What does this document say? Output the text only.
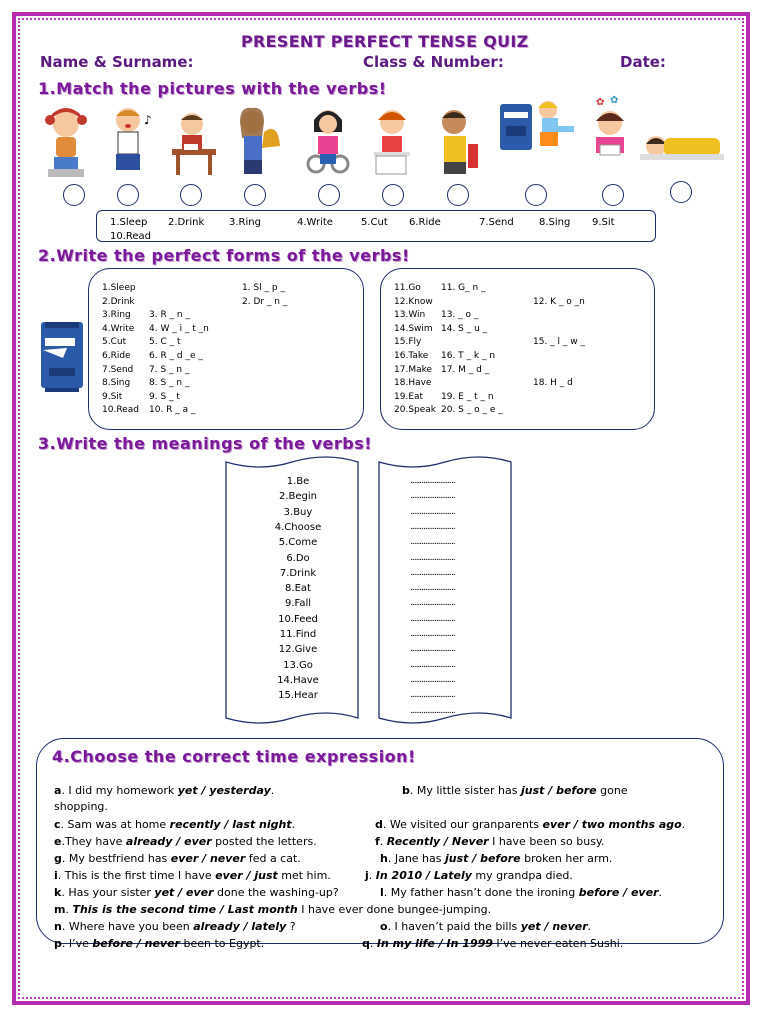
PRESENT PERFECT TENSE QUIZ
Name & Surname:	Class & Number:	Date:
1.Match the pictures with the verbs!
♪
✿ ✿
1.Sleep 2.Drink 3.Ring	4.Write	5.Cut 6.Ride	7.Send	8.Sing 9.Sit
10.Read
2.Write the perfect forms of the verbs!
3.Write the meanings of the verbs!
4.Choose the correct time expression!
1.Sleep	1. Sl _ p _
2.Drink	2. Dr _ n _
3.Ring 3. R _ n _
4.Write 4. W _ i _ t _n
5.Cut	5. C _ t
6.Ride 6. R _ d _e _
7.Send 7. S _ n _
8.Sing 8. S _ n _
9.Sit	9. S _ t
10.Read 10. R _ a _
11.Go 11. G_ n _
12.Know	12. K _ o _n
13.Win 13. _ o _
14.Swim 14. S _ u _
15.Fly	15. _ l _ w _
16.Take 16. T _ k _ n
17.Make 17. M _ d _
18.Have	18. H _ d
19.Eat 19. E _ t _ n
20.Speak 20. S _ o _ e _
1.Be	........................
2.Begin	........................
3.Buy	........................
4.Choose	........................
5.Come	........................
6.Do	........................
7.Drink	........................
8.Eat	........................
9.Fall	........................
10.Feed	........................
11.Find	........................
12.Give	........................
13.Go	........................
14.Have	........................
15.Hear	........................
........................
a. I did my homework yet / yesterday.	b. My little sister has just / before gone
shopping.
c. Sam was at home recently / last night.	d. We visited our granparents ever / two months ago.
e.They have already / ever posted the letters.	f. Recently / Never I have been so busy.
g. My bestfriend has ever / never fed a cat.	h. Jane has just / before broken her arm.
i. This is the first time I have ever / just met him.	j. In 2010 / Lately my grandpa died.
k. Has your sister yet / ever done the washing-up?	l. My father hasn’t done the ironing before / ever.
m. This is the second time / Last month I have ever done bungee-jumping.
n. Where have you been already / lately ?	o. I haven’t paid the bills yet / never.
p. I’ve before / never been to Egypt.	q. In my life / In 1999 I’ve never eaten Sushi.
